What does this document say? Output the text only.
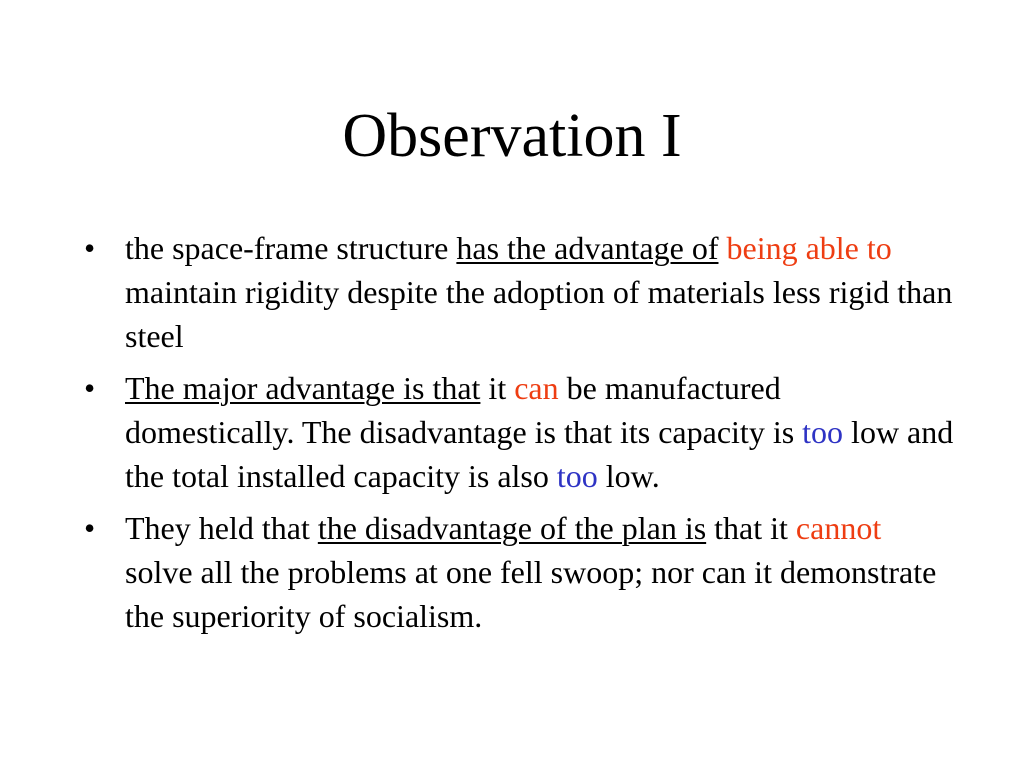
Observation I
• the space-frame structure has the advantage of being able to maintain rigidity despite the adoption of materials less rigid than steel
• The major advantage is that it can be manufactured domestically. The disadvantage is that its capacity is too low and the total installed capacity is also too low.
• They held that the disadvantage of the plan is that it cannot solve all the problems at one fell swoop; nor can it demonstrate the superiority of socialism.
